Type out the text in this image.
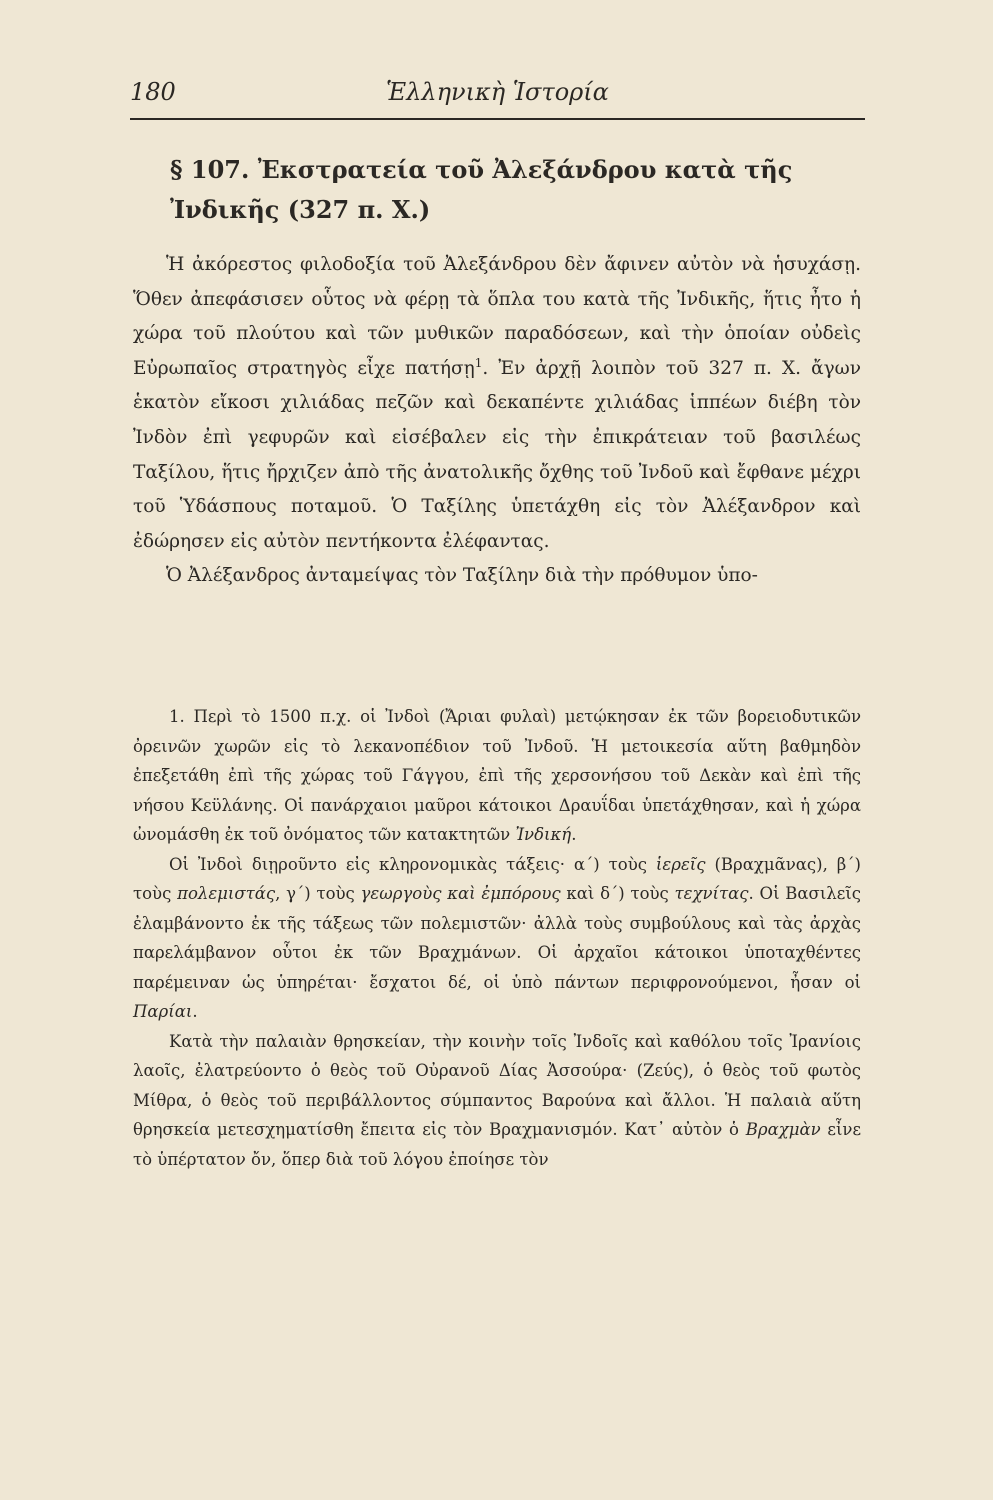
180	Ἑλληνικὴ Ἱστορία
§ 107. Ἐκστρατεία τοῦ Ἀλεξάνδρου κατὰ τῆς
Ἰνδικῆς (327 π. Χ.)

Ἡ ἀκόρεστος φιλοδοξία τοῦ Ἀλεξάνδρου δὲν ἄφινεν αὐτὸν νὰ ἡσυχάσῃ. Ὅθεν ἀπεφάσισεν οὗτος νὰ φέρῃ τὰ ὅπλα του κατὰ τῆς Ἰνδικῆς, ἥτις ἦτο ἡ χώρα τοῦ πλούτου καὶ τῶν μυθικῶν παραδόσεων, καὶ τὴν ὁποίαν οὐδεὶς Εὐρωπαῖος στρατηγὸς εἶχε πατήσῃ$^1$. Ἐν ἀρχῇ λοιπὸν τοῦ 327 π. Χ. ἄγων ἑκατὸν εἴκοσι χιλιάδας πεζῶν καὶ δεκαπέντε χιλιάδας ἱππέων διέβη τὸν Ἰνδὸν ἐπὶ γεφυρῶν καὶ εἰσέβαλεν εἰς τὴν ἐπικράτειαν τοῦ βασιλέως Ταξίλου, ἥτις ἤρχιζεν ἀπὸ τῆς ἀνατολικῆς ὄχθης τοῦ Ἰνδοῦ καὶ ἔφθανε μέχρι τοῦ Ὑδάσπους ποταμοῦ. Ὁ Ταξίλης ὑπετάχθη εἰς τὸν Ἀλέξανδρον καὶ ἐδώρησεν εἰς αὐτὸν πεντήκοντα ἐλέφαντας.

Ὁ Ἀλέξανδρος ἀνταμείψας τὸν Ταξίλην διὰ τὴν πρόθυμον ὑπο-

1. Περὶ τὸ 1500 π.χ. οἱ Ἰνδοὶ (Ἄριαι φυλαὶ) μετῴκησαν ἐκ τῶν βορειοδυτικῶν ὀρεινῶν χωρῶν εἰς τὸ λεκανοπέδιον τοῦ Ἰνδοῦ. Ἡ μετοικεσία αὕτη βαθμηδὸν ἐπεξετάθη ἐπὶ τῆς χώρας τοῦ Γάγγου, ἐπὶ τῆς χερσονήσου τοῦ Δεκὰν καὶ ἐπὶ τῆς νήσου Κεϋλάνης. Οἱ πανάρχαιοι μαῦροι κάτοικοι Δραυΐδαι ὑπετάχθησαν, καὶ ἡ χώρα ὠνομάσθη ἐκ τοῦ ὀνόματος τῶν κατακτητῶν Ἰνδική.

Οἱ Ἰνδοὶ διῃροῦντο εἰς κληρονομικὰς τάξεις· α΄) τοὺς ἱερεῖς (Βραχμᾶνας), β΄) τοὺς πολεμιστάς, γ΄) τοὺς γεωργοὺς καὶ ἐμπόρους καὶ δ΄) τοὺς τεχνίτας. Οἱ Βασιλεῖς ἐλαμβάνοντο ἐκ τῆς τάξεως τῶν πολεμιστῶν· ἀλλὰ τοὺς συμβούλους καὶ τὰς ἀρχὰς παρελάμβανον οὗτοι ἐκ τῶν Βραχμάνων. Οἱ ἀρχαῖοι κάτοικοι ὑποταχθέντες παρέμειναν ὡς ὑπηρέται· ἔσχατοι δέ, οἱ ὑπὸ πάντων περιφρονούμενοι, ἦσαν οἱ Παρίαι.

Κατὰ τὴν παλαιὰν θρησκείαν, τὴν κοινὴν τοῖς Ἰνδοῖς καὶ καθόλου τοῖς Ἰρανίοις λαοῖς, ἐλατρεύοντο ὁ θεὸς τοῦ Οὐρανοῦ Δίας Ἀσσούρα· (Ζεύς), ὁ θεὸς τοῦ φωτὸς Μίθρα, ὁ θεὸς τοῦ περιβάλλοντος σύμπαντος Βαρούνα καὶ ἄλλοι. Ἡ παλαιὰ αὕτη θρησκεία μετεσχηματίσθη ἔπειτα εἰς τὸν Βραχμανισμόν. Κατ᾽ αὐτὸν ὁ Βραχμὰν εἶνε τὸ ὑπέρτατον ὄν, ὅπερ διὰ τοῦ λόγου ἐποίησε τὸν
